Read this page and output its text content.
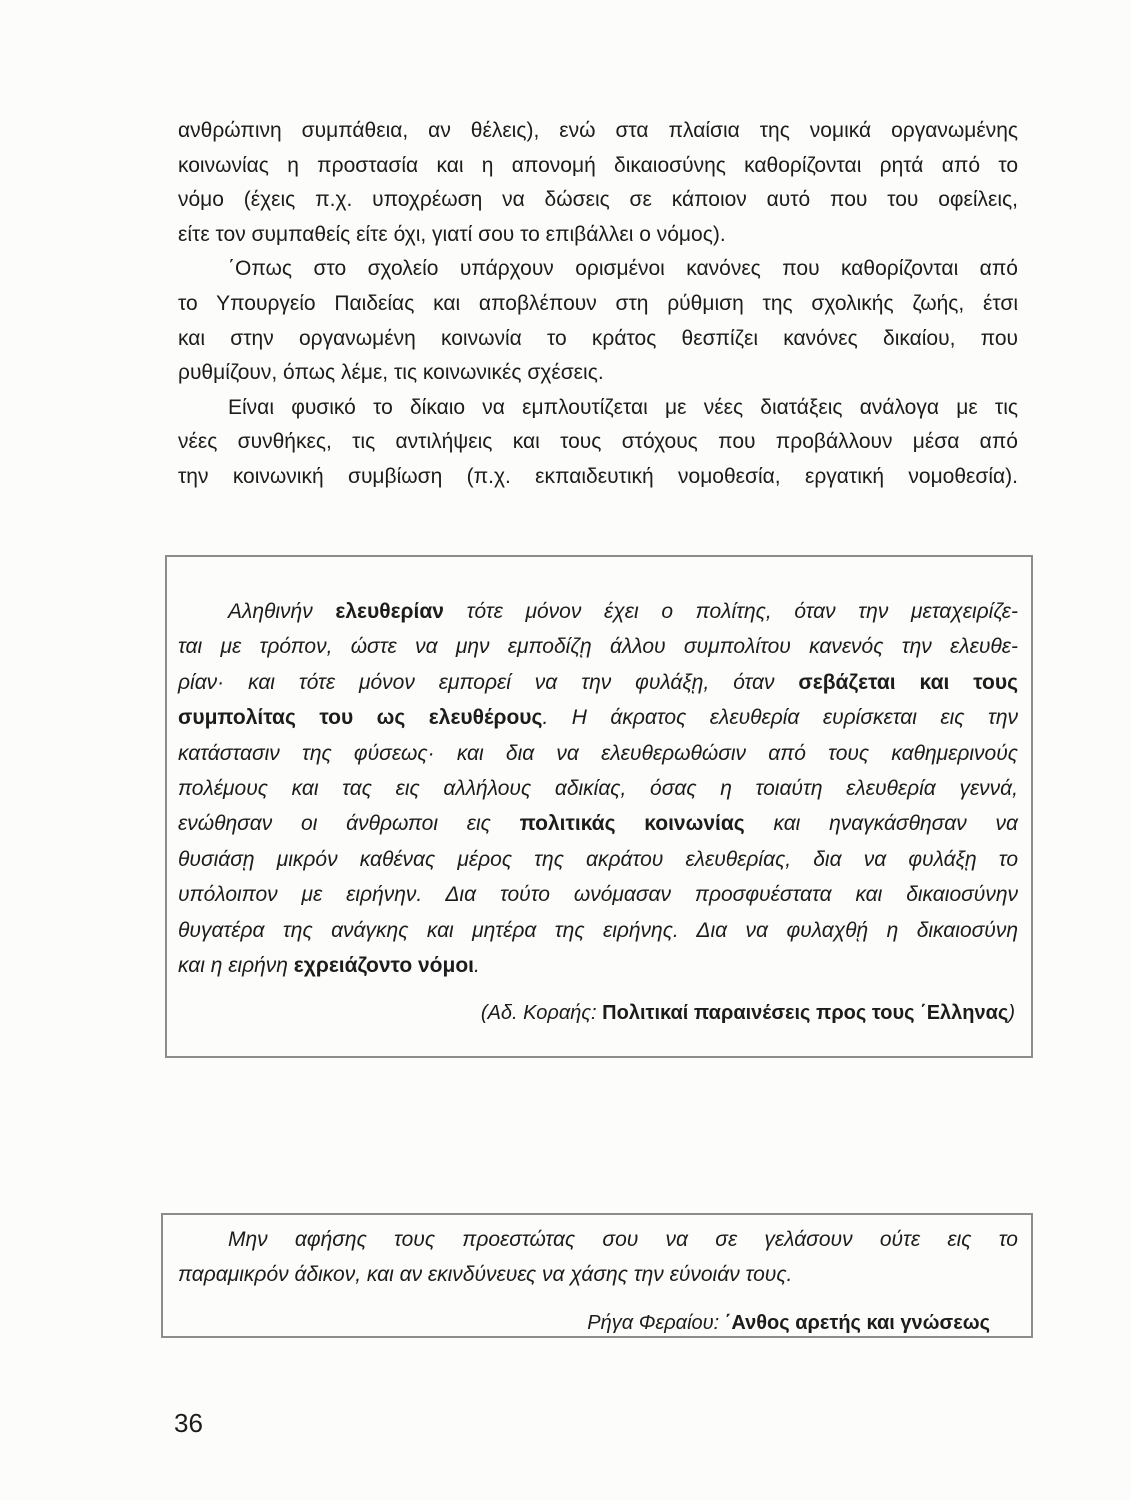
ανθρώπινη συμπάθεια, αν θέλεις), ενώ στα πλαίσια της νομικά οργανωμένης
κοινωνίας η προστασία και η απονομή δικαιοσύνης καθορίζονται ρητά από το
νόμο (έχεις π.χ. υποχρέωση να δώσεις σε κάποιον αυτό που του οφείλεις,
είτε τον συμπαθείς είτε όχι, γιατί σου το επιβάλλει ο νόμος).
΄Οπως στο σχολείο υπάρχουν ορισμένοι κανόνες που καθορίζονται από
το Υπουργείο Παιδείας και αποβλέπουν στη ρύθμιση της σχολικής ζωής, έτσι
και στην οργανωμένη κοινωνία το κράτος θεσπίζει κανόνες δικαίου, που
ρυθμίζουν, όπως λέμε, τις κοινωνικές σχέσεις.
Είναι φυσικό το δίκαιο να εμπλουτίζεται με νέες διατάξεις ανάλογα με τις
νέες συνθήκες, τις αντιλήψεις και τους στόχους που προβάλλουν μέσα από
την κοινωνική συμβίωση (π.χ. εκπαιδευτική νομοθεσία, εργατική νομοθεσία).
Αληθινήν ελευθερίαν τότε μόνον έχει ο πολίτης, όταν την μεταχειρίζε-
ται με τρόπον, ώστε να μην εμποδίζῃ άλλου συμπολίτου κανενός την ελευθε-
ρίαν· και τότε μόνον εμπορεί να την φυλάξῃ, όταν σεβάζεται και τους
συμπολίτας του ως ελευθέρους. Η άκρατος ελευθερία ευρίσκεται εις την
κατάστασιν της φύσεως· και δια να ελευθερωθώσιν από τους καθημερινούς
πολέμους και τας εις αλλήλους αδικίας, όσας η τοιαύτη ελευθερία γεννά,
ενώθησαν οι άνθρωποι εις πολιτικάς κοινωνίας και ηναγκάσθησαν να
θυσιάσῃ μικρόν καθένας μέρος της ακράτου ελευθερίας, δια να φυλάξῃ το
υπόλοιπον με ειρήνην. Δια τούτο ωνόμασαν προσφυέστατα και δικαιοσύνην
θυγατέρα της ανάγκης και μητέρα της ειρήνης. Δια να φυλαχθῄ η δικαιοσύνη
και η ειρήνη εχρειάζοντο νόμοι.
(Αδ. Κοραής: Πολιτικαί παραινέσεις προς τους ΄Ελληνας)
Μην αφήσης τους προεστώτας σου να σε γελάσουν ούτε εις το
παραμικρόν άδικον, και αν εκινδύνευες να χάσης την εύνοιάν τους.
Ρήγα Φεραίου: ΄Ανθος αρετής και γνώσεως
36
